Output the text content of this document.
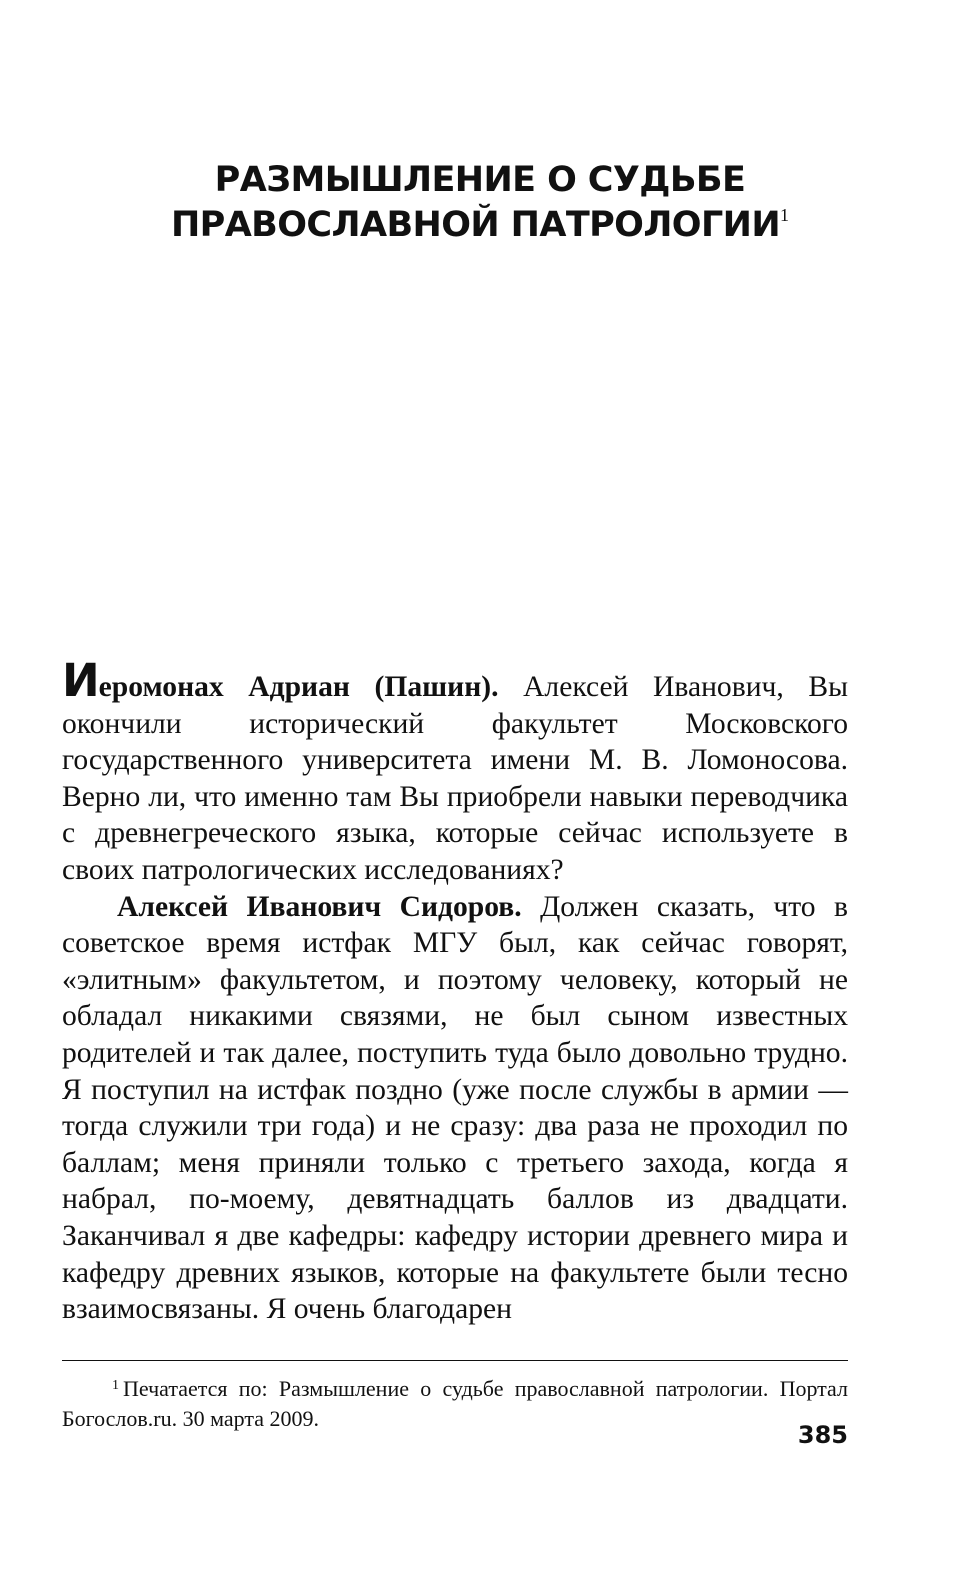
РАЗМЫШЛЕНИЕ О СУДЬБЕ
ПРАВОСЛАВНОЙ ПАТРОЛОГИИ$^1$

Иеромонах Адриан (Пашин). Алексей Иванович, Вы окончили исторический факультет Московского государственного университета имени М. В. Ломоносова. Верно ли, что именно там Вы приобрели навыки переводчика с древнегреческого языка, которые сейчас используете в своих патрологических исследованиях?

Алексей Иванович Сидоров. Должен сказать, что в советское время истфак МГУ был, как сейчас говорят, «элитным» факультетом, и поэтому человеку, который не обладал никакими связями, не был сыном известных родителей и так далее, поступить туда было довольно трудно. Я поступил на истфак поздно (уже после службы в армии — тогда служили три года) и не сразу: два раза не проходил по баллам; меня приняли только с третьего захода, когда я набрал, по-моему, девятнадцать баллов из двадцати. Заканчивал я две кафедры: кафедру истории древнего мира и кафедру древних языков, которые на факультете были тесно взаимосвязаны. Я очень благодарен

$^1$ Печатается по: Размышление о судьбе православной патрологии. Портал Богослов.ru. 30 марта 2009.

385
